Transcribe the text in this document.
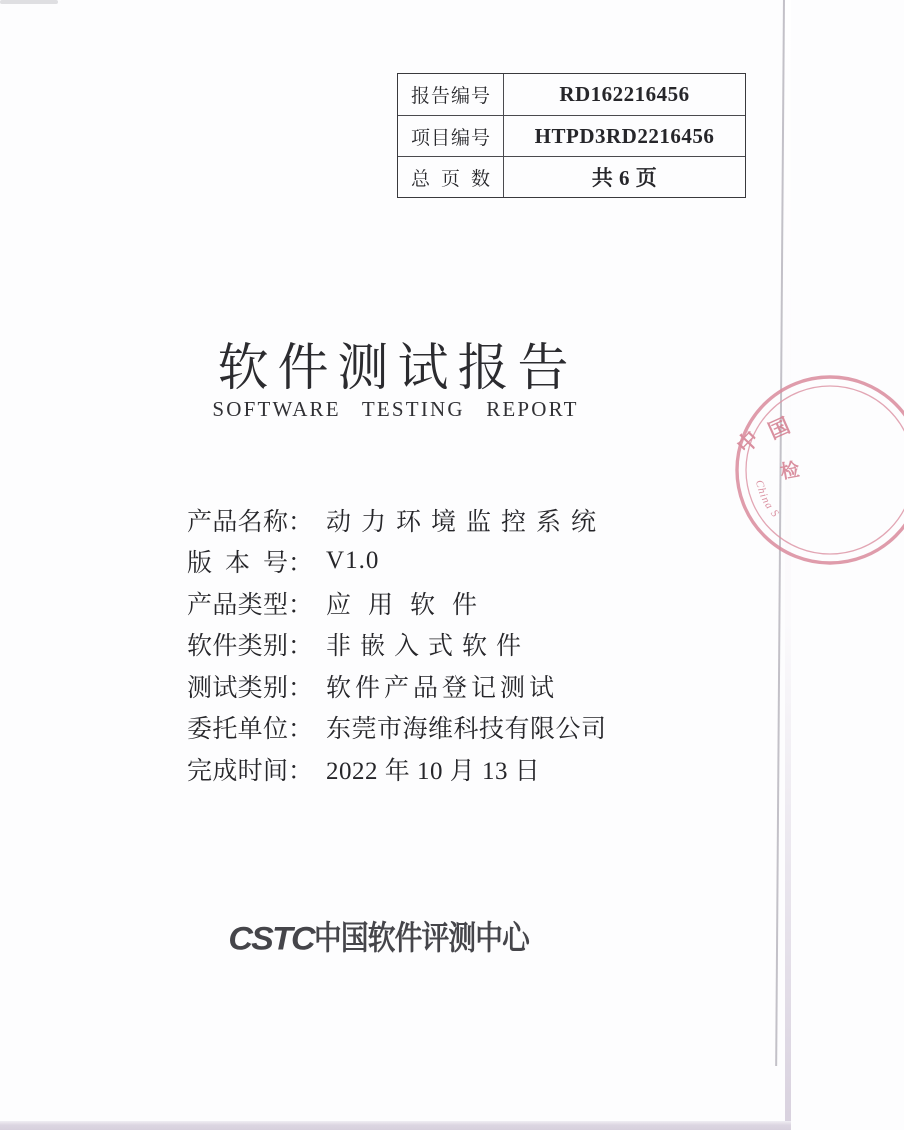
报告编号	RD162216456
项目编号	HTPD3RD2216456
总页数	共 6 页
软件测试报告
SOFTWARE TESTING REPORT
中 国
检
China S
产品名称 ： 动力环境监控系统
版本号 ： V1.0
产品类型 ： 应用软件
软件类别 ： 非嵌入式软件
测试类别 ： 软件产品登记测试
委托单位 ： 东莞市海维科技有限公司
完成时间 ： 2022 年 10 月 13 日
CSTC中国软件评测中心
